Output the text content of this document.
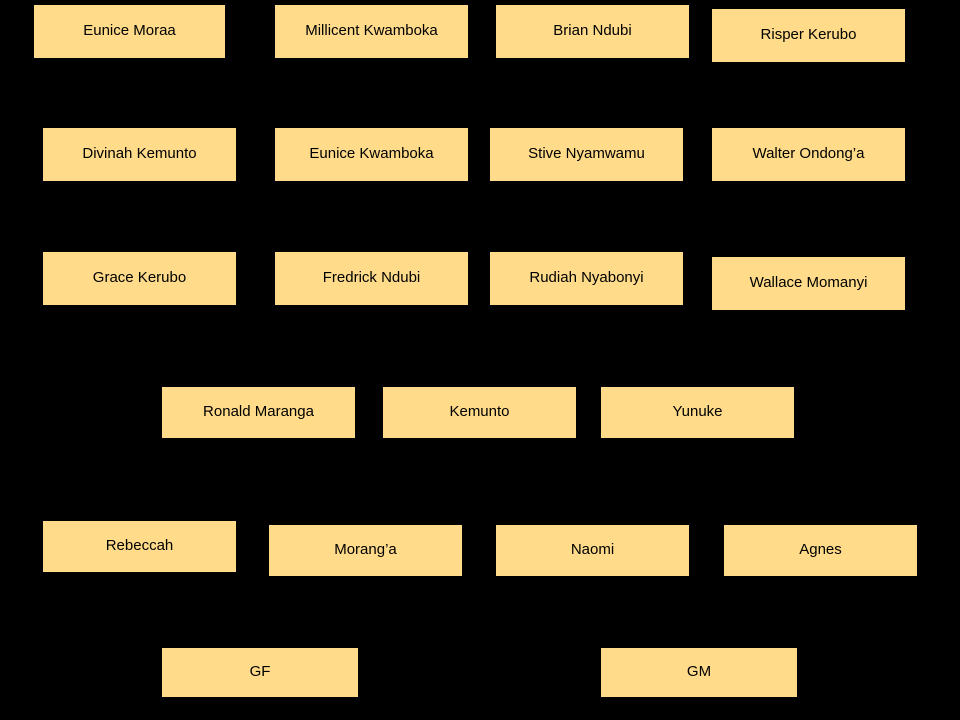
Eunice Moraa	Millicent Kwamboka	Brian Ndubi	Risper Kerubo
Divinah Kemunto	Eunice Kwamboka	Stive Nyamwamu	Walter Ondong’a
Grace Kerubo	Fredrick Ndubi	Rudiah Nyabonyi	Wallace Momanyi
Ronald Maranga	Kemunto	Yunuke
Rebeccah	Morang’a	Naomi	Agnes
GF	GM
